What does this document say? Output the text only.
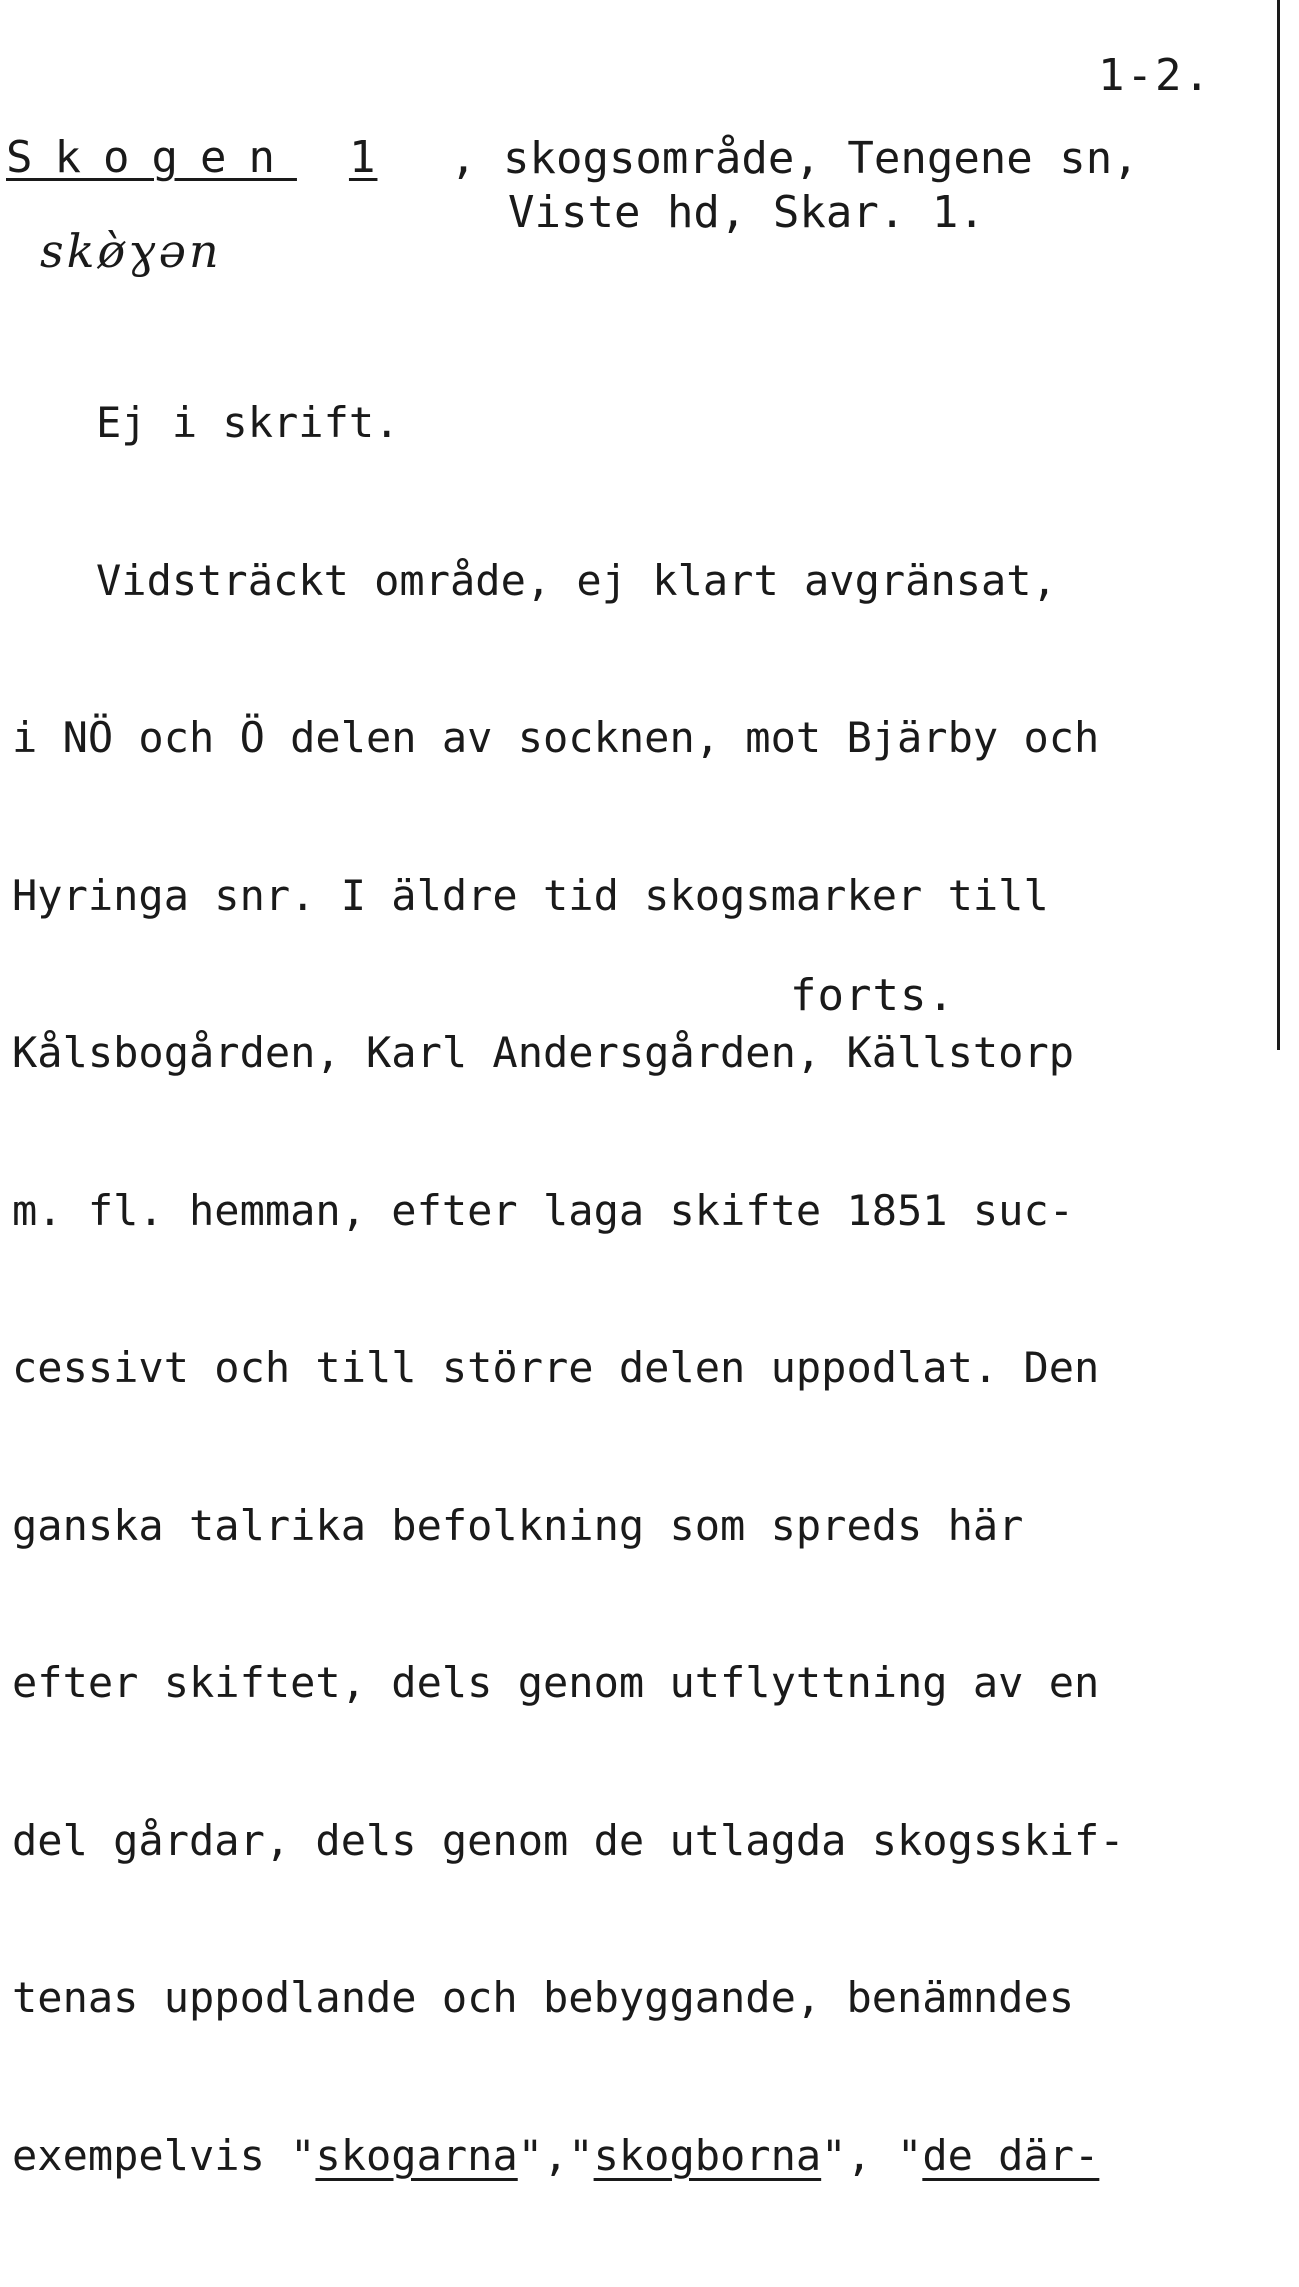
1-2.
Skogen 1 , skogsområde, Tengene sn,
Viste hd, Skar. 1.
skø̀ɣən

Ej i skrift.

Vidsträckt område, ej klart avgränsat,

i NÖ och Ö delen av socknen, mot Bjärby och

Hyringa snr. I äldre tid skogsmarker till

Kålsbogården, Karl Andersgården, Källstorp

m. fl. hemman, efter laga skifte 1851 suc-

cessivt och till större delen uppodlat. Den

ganska talrika befolkning som spreds här

efter skiftet, dels genom utflyttning av en

del gårdar, dels genom de utlagda skogsskif-

tenas uppodlande och bebyggande, benämndes

exempelvis "skogarna","skogborna", "de där-

forts.
